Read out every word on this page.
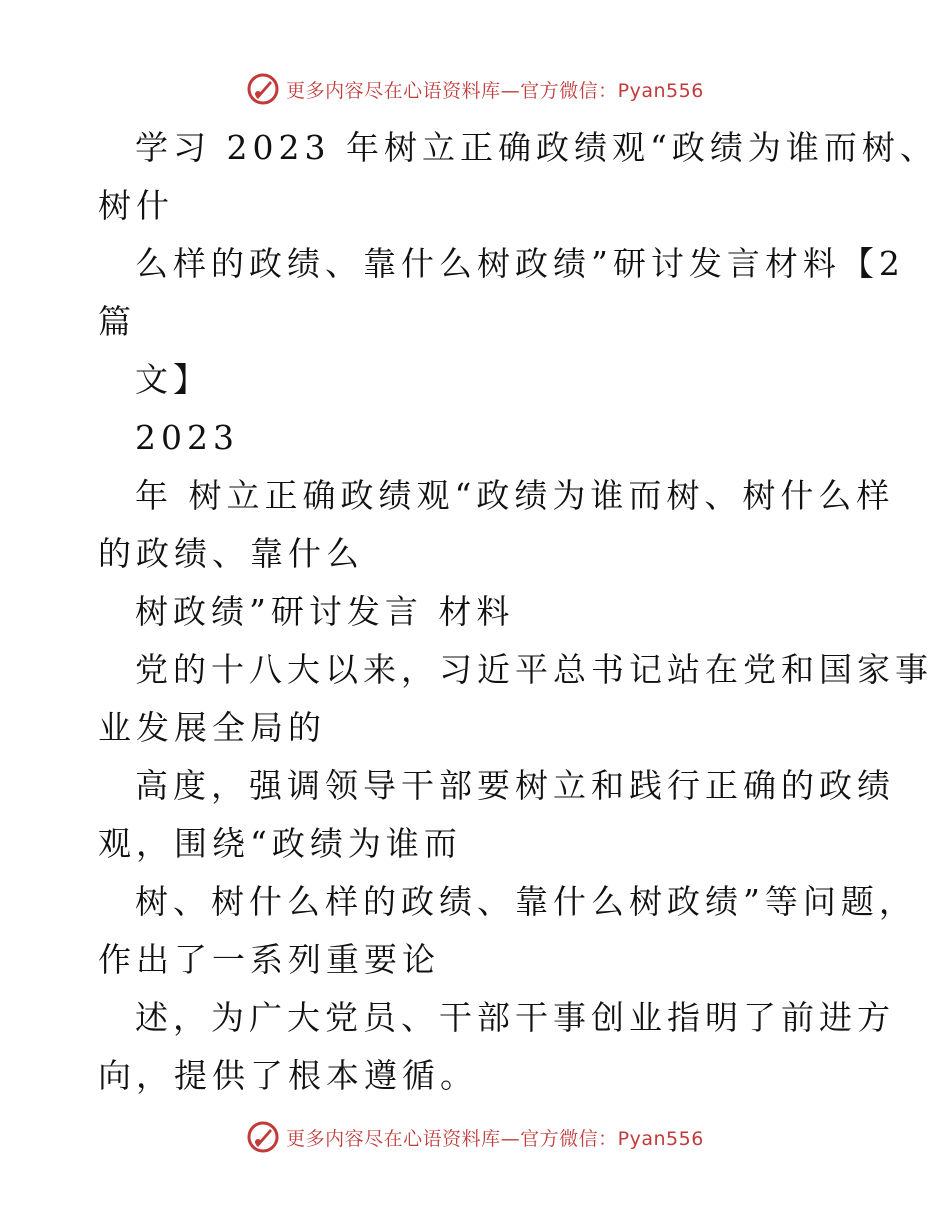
更多内容尽在心语资料库—官方微信：Pyan556
学习 2023 年树立正确政绩观“政绩为谁而树、
树什
么样的政绩、靠什么树政绩”研讨发言材料【2
篇
文】
2023
年 树立正确政绩观“政绩为谁而树、树什么样
的政绩、靠什么
树政绩”研讨发言 材料
党的十八大以来，习近平总书记站在党和国家事
业发展全局的
高度，强调领导干部要树立和践行正确的政绩
观，围绕“政绩为谁而
树、树什么样的政绩、靠什么树政绩”等问题，
作出了一系列重要论
述，为广大党员、干部干事创业指明了前进方
向，提供了根本遵循。
更多内容尽在心语资料库—官方微信：Pyan556
